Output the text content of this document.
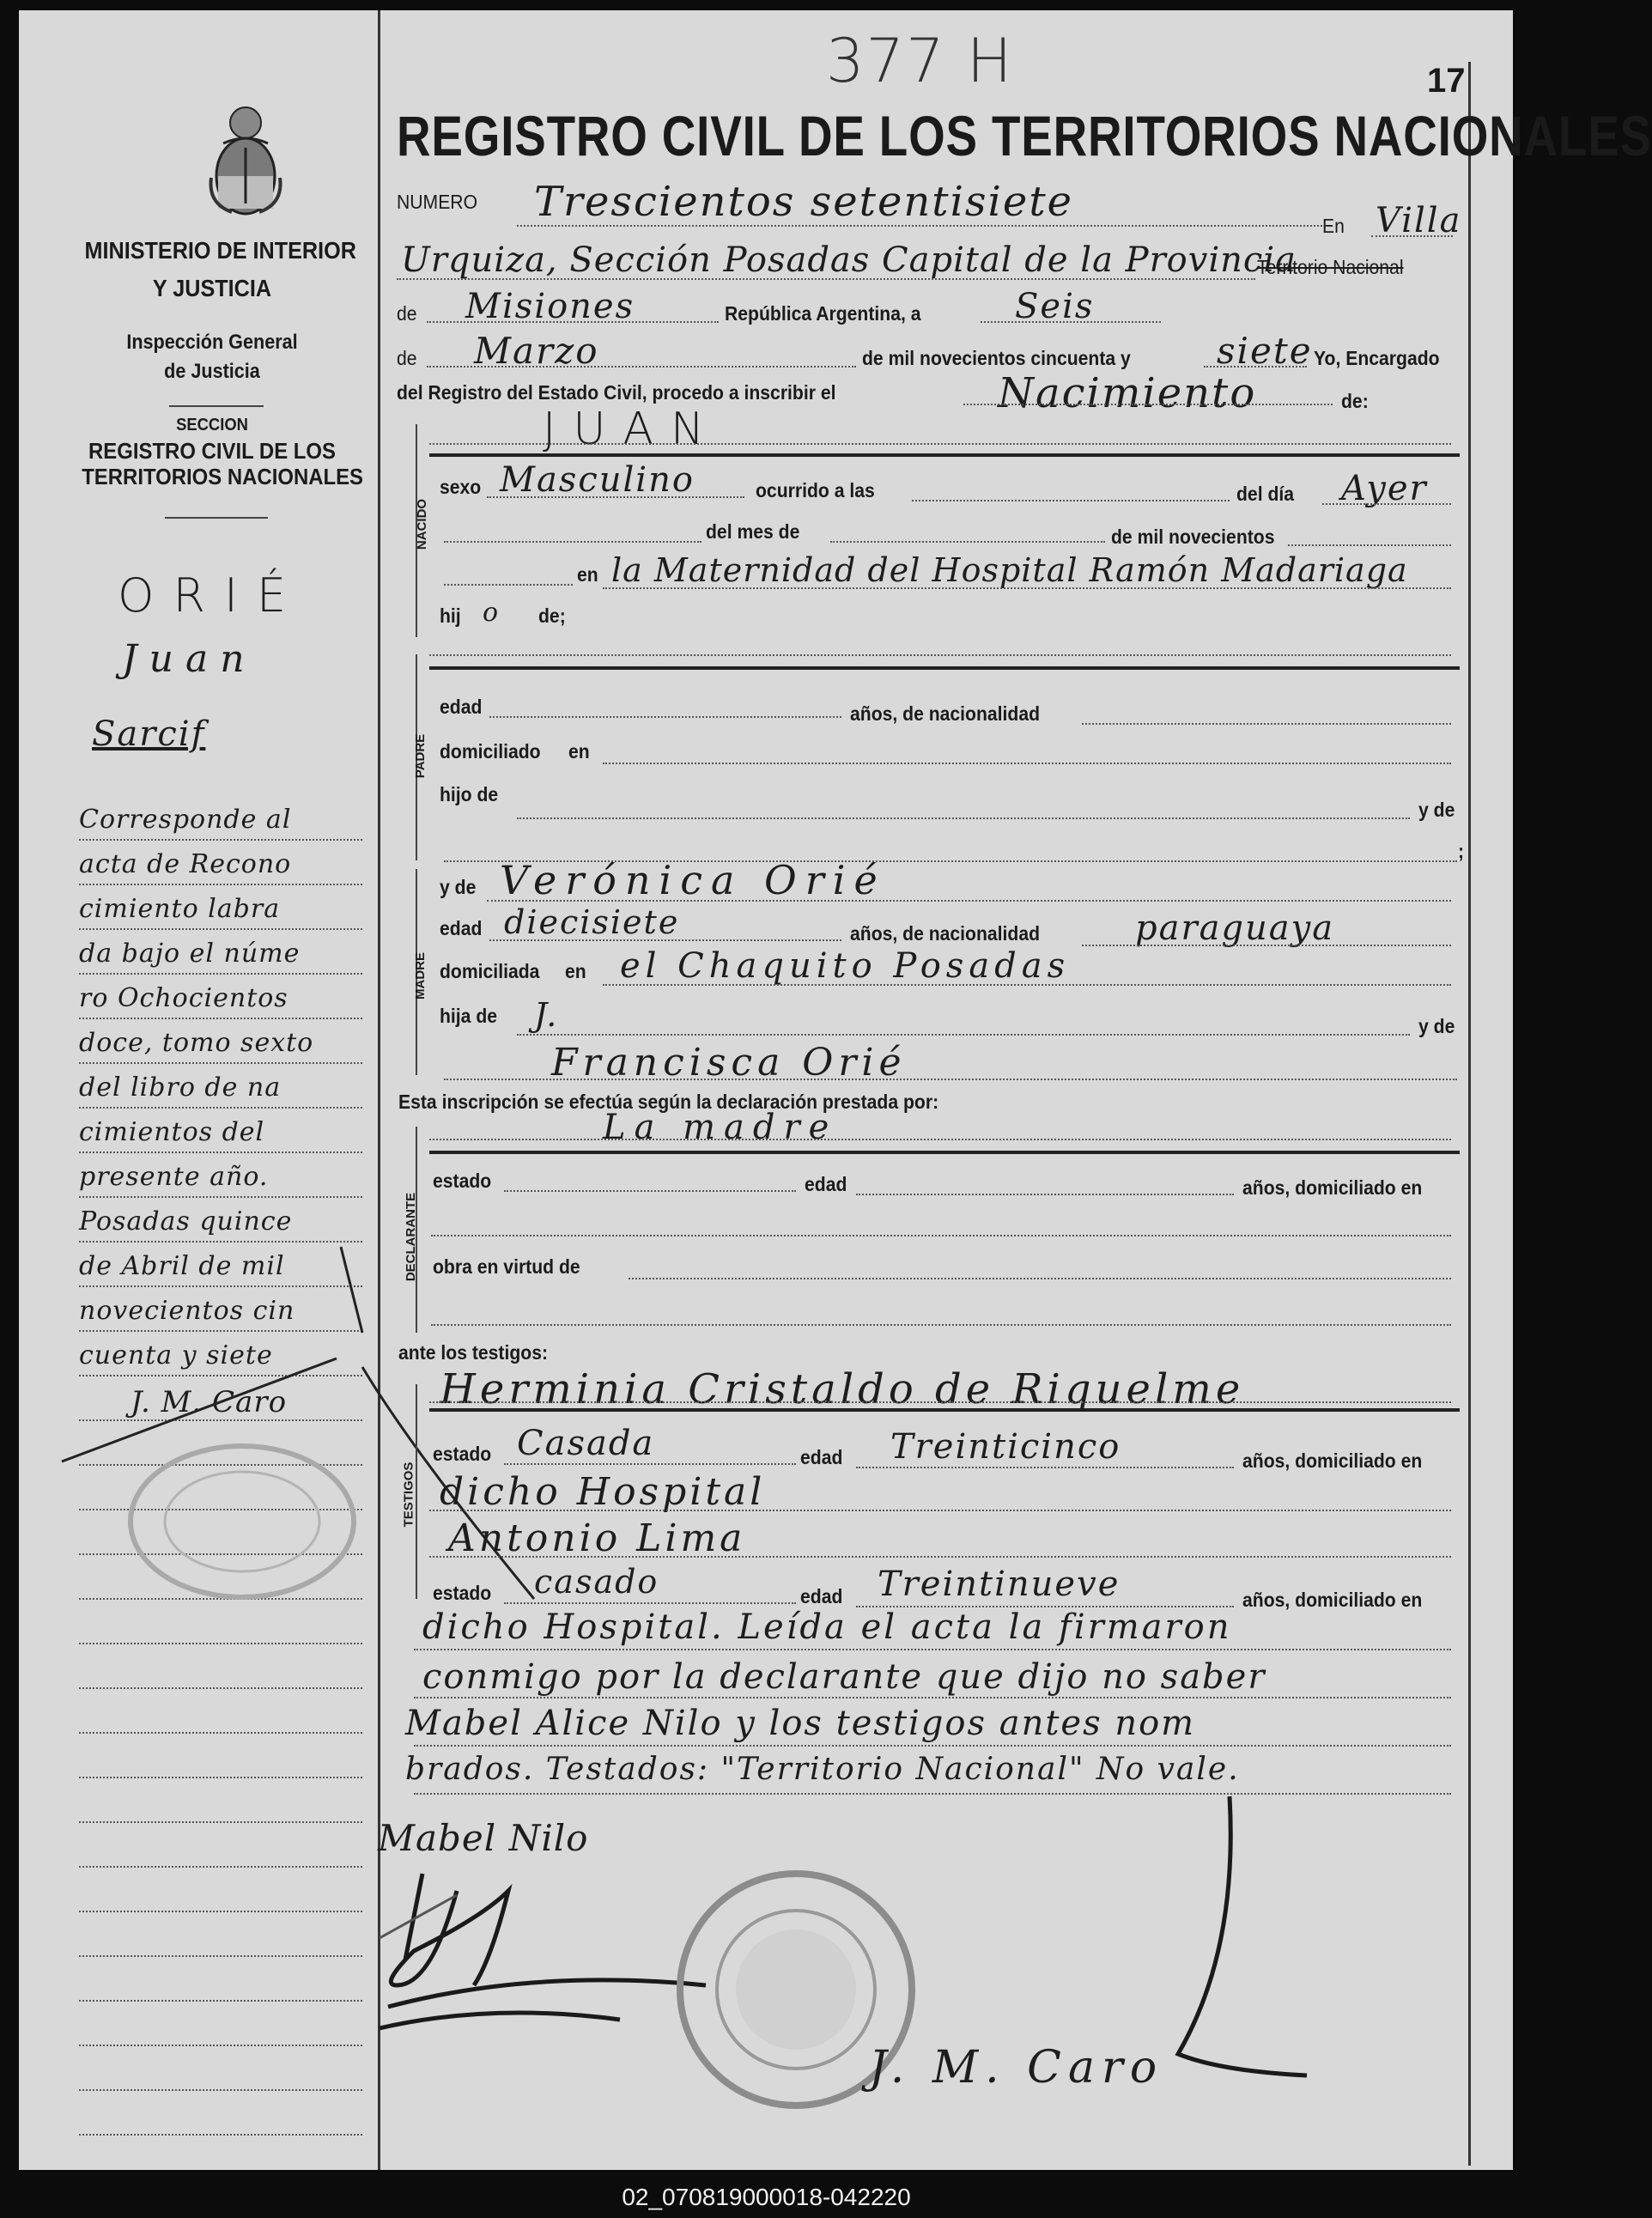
377 H	17
REGISTRO CIVIL DE LOS TERRITORIOS NACIONALES
MINISTERIO DE INTERIOR
Y JUSTICIA
Inspección General
de Justicia
SECCION
REGISTRO CIVIL DE LOS
TERRITORIOS NACIONALES
ORIÉ
Juan
Sarcif
Corresponde al
acta de Recono
cimiento labra
da bajo el núme
ro Ochocientos
doce, tomo sexto
del libro de na
cimientos del
presente año.
Posadas quince
de Abril de mil
novecientos cin
cuenta y siete
J. M. Caro
NUMERO Trescientos setentisiete	En Villa
Urquiza, Sección Posadas Capital de la Provincia
Territorio Nacional
de Misiones	República Argentina, a	Seis
de Marzo	de mil novecientos cincuenta y siete Yo, Encargado
del Registro del Estado Civil, procedo a inscribir el	Nacimiento	de:
NACIDO
JUAN
sexo Masculino	ocurrido a las	del día Ayer
del mes de	de mil novecientos
en la Maternidad del Hospital Ramón Madariaga
hij o de;
PADRE
edad	años, de nacionalidad
domiciliado en
hijo de
y de
;
MADRE
y de Verónica Orié
edad diecisiete	años, de nacionalidad	paraguaya
domiciliada en el Chaquito Posadas
hija de J.	y de
Francisca Orié
Esta inscripción se efectúa según la declaración prestada por:
La madre
DECLARANTE
estado	edad	años, domiciliado en
obra en virtud de
ante los testigos:
TESTIGOS
Herminia Cristaldo de Riquelme
estado Casada	edad Treinticinco	años, domiciliado en
dicho Hospital
Antonio Lima
estado casado	edad Treintinueve	años, domiciliado en
dicho Hospital. Leída el acta la firmaron
conmigo por la declarante que dijo no saber
Mabel Alice Nilo y los testigos antes nom
brados. Testados: "Territorio Nacional" No vale.
Mabel Nilo
J. M. Caro
02_070819000018-042220
